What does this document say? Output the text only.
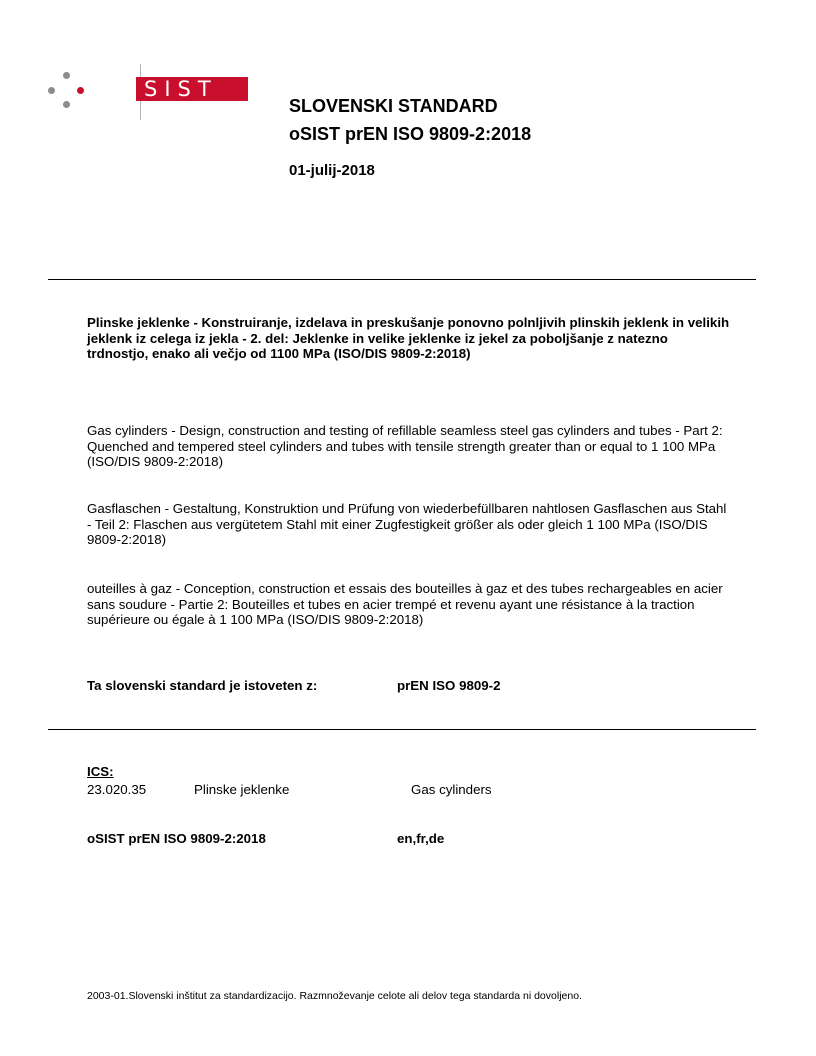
SIST
SLOVENSKI STANDARD
oSIST prEN ISO 9809-2:2018
01-julij-2018
Plinske jeklenke - Konstruiranje, izdelava in preskušanje ponovno polnljivih plinskih jeklenk in velikih jeklenk iz celega iz jekla - 2. del: Jeklenke in velike jeklenke iz jekel za poboljšanje z natezno trdnostjo, enako ali večjo od 1100 MPa (ISO/DIS 9809-2:2018)
Gas cylinders - Design, construction and testing of refillable seamless steel gas cylinders and tubes - Part 2: Quenched and tempered steel cylinders and tubes with tensile strength greater than or equal to 1 100 MPa (ISO/DIS 9809-2:2018)
Gasflaschen - Gestaltung, Konstruktion und Prüfung von wiederbefüllbaren nahtlosen Gasflaschen aus Stahl - Teil 2: Flaschen aus vergütetem Stahl mit einer Zugfestigkeit größer als oder gleich 1 100 MPa (ISO/DIS 9809-2:2018)
outeilles à gaz - Conception, construction et essais des bouteilles à gaz et des tubes rechargeables en acier sans soudure - Partie 2: Bouteilles et tubes en acier trempé et revenu ayant une résistance à la traction supérieure ou égale à 1 100 MPa (ISO/DIS 9809-2:2018)
Ta slovenski standard je istoveten z:	prEN ISO 9809-2
ICS:
23.020.35	Plinske jeklenke	Gas cylinders
oSIST prEN ISO 9809-2:2018	en,fr,de
2003-01.Slovenski inštitut za standardizacijo. Razmnoževanje celote ali delov tega standarda ni dovoljeno.
